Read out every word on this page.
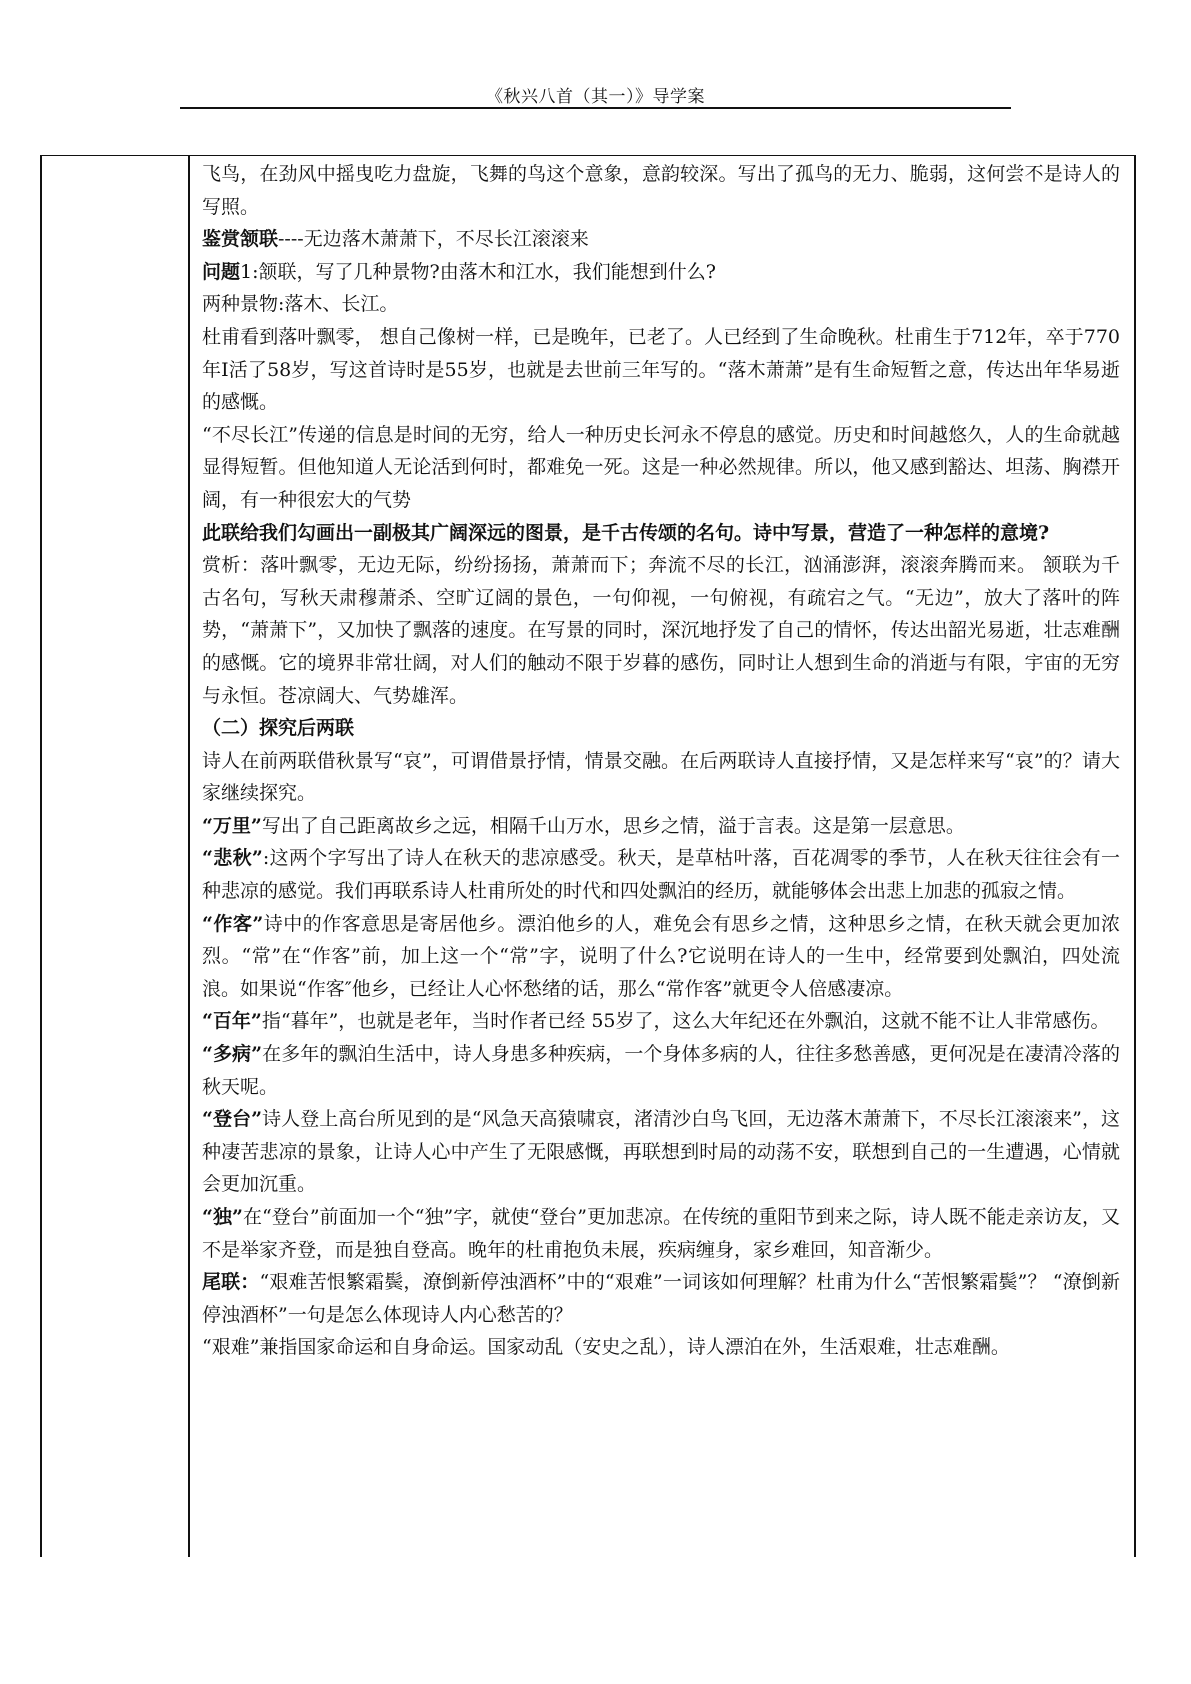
《秋兴八首（其一）》导学案

飞鸟，在劲风中摇曳吃力盘旋，飞舞的鸟这个意象，意韵较深。写出了孤鸟的无力、脆弱，这何尝不是诗人的写照。

鉴赏颔联----无边落木萧萧下，不尽长江滚滚来

问题1:颔联，写了几种景物?由落木和江水，我们能想到什么?

两种景物:落木、长江。

杜甫看到落叶飘零， 想自己像树一样，已是晚年，已老了。人已经到了生命晚秋。杜甫生于712年，卒于770年I活了58岁，写这首诗时是55岁，也就是去世前三年写的。“落木萧萧”是有生命短暂之意，传达出年华易逝的感慨。

“不尽长江”传递的信息是时间的无穷，给人一种历史长河永不停息的感觉。历史和时间越悠久，人的生命就越显得短暂。但他知道人无论活到何时，都难免一死。这是一种必然规律。所以，他又感到豁达、坦荡、胸襟开阔，有一种很宏大的气势

此联给我们勾画出一副极其广阔深远的图景，是千古传颂的名句。诗中写景，营造了一种怎样的意境?

赏析：落叶飘零，无边无际，纷纷扬扬，萧萧而下；奔流不尽的长江，汹涌澎湃，滚滚奔腾而来。 颔联为千古名句，写秋天肃穆萧杀、空旷辽阔的景色，一句仰视，一句俯视，有疏宕之气。“无边”，放大了落叶的阵势，“萧萧下”，又加快了飘落的速度。在写景的同时，深沉地抒发了自己的情怀，传达出韶光易逝，壮志难酬的感慨。它的境界非常壮阔，对人们的触动不限于岁暮的感伤，同时让人想到生命的消逝与有限，宇宙的无穷与永恒。苍凉阔大、气势雄浑。

（二）探究后两联

诗人在前两联借秋景写“哀”，可谓借景抒情，情景交融。在后两联诗人直接抒情，又是怎样来写“哀”的？请大家继续探究。

“万里”写出了自己距离故乡之远，相隔千山万水，思乡之情，溢于言表。这是第一层意思。

“悲秋”:这两个字写出了诗人在秋天的悲凉感受。秋天，是草枯叶落，百花凋零的季节，人在秋天往往会有一种悲凉的感觉。我们再联系诗人杜甫所处的时代和四处飘泊的经历，就能够体会出悲上加悲的孤寂之情。

“作客”诗中的作客意思是寄居他乡。漂泊他乡的人，难免会有思乡之情，这种思乡之情，在秋天就会更加浓烈。“常”在“作客”前，加上这一个“常”字，说明了什么?它说明在诗人的一生中，经常要到处飘泊，四处流浪。如果说“作客″他乡，已经让人心怀愁绪的话，那么“常作客”就更令人倍感凄凉。

“百年”指“暮年”，也就是老年，当时作者已经 55岁了，这么大年纪还在外飘泊，这就不能不让人非常感伤。

“多病”在多年的飘泊生活中，诗人身患多种疾病，一个身体多病的人，往往多愁善感，更何况是在凄清冷落的秋天呢。

“登台”诗人登上高台所见到的是“风急天高猿啸哀，渚清沙白鸟飞回，无边落木萧萧下，不尽长江滚滚来”，这种凄苦悲凉的景象，让诗人心中产生了无限感慨，再联想到时局的动荡不安，联想到自己的一生遭遇，心情就会更加沉重。

“独”在“登台”前面加一个“独”字，就使“登台”更加悲凉。在传统的重阳节到来之际，诗人既不能走亲访友，又不是举家齐登，而是独自登高。晚年的杜甫抱负未展，疾病缠身，家乡难回，知音渐少。

尾联：“艰难苦恨繁霜鬓，潦倒新停浊酒杯”中的“艰难”一词该如何理解？杜甫为什么“苦恨繁霜鬓”？ “潦倒新停浊酒杯”一句是怎么体现诗人内心愁苦的？

“艰难”兼指国家命运和自身命运。国家动乱（安史之乱），诗人漂泊在外，生活艰难，壮志难酬。
